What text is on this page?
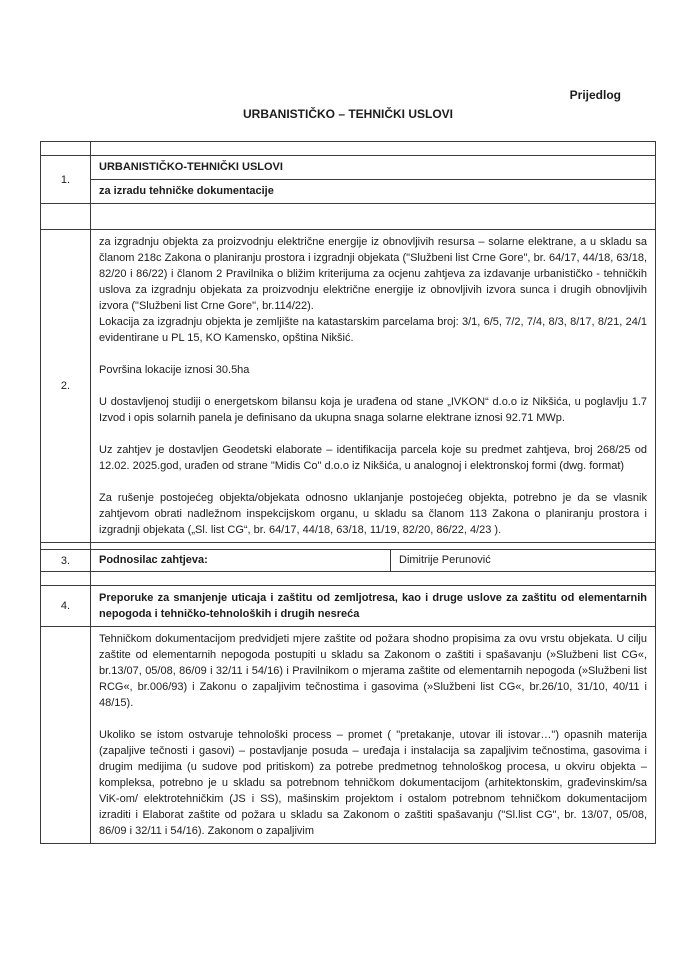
Prijedlog
URBANISTIČKO – TEHNIČKI USLOVI
1.
URBANISTIČKO-TEHNIČKI USLOVI
za izradu tehničke dokumentacije
2.

za izgradnju objekta za proizvodnju električne energije iz obnovljivih resursa – solarne elektrane, a u skladu sa članom 218c Zakona o planiranju prostora i izgradnji objekata ("Službeni list Crne Gore", br. 64/17, 44/18, 63/18, 82/20 i 86/22) i članom 2 Pravilnika o bližim kriterijuma za ocjenu zahtjeva za izdavanje urbanističko - tehničkih uslova za izgradnju objekata za proizvodnju električne energije iz obnovljivih izvora sunca i drugih obnovljivih izvora ("Službeni list Crne Gore", br.114/22).

Lokacija za izgradnju objekta je zemljište na katastarskim parcelama broj: 3/1, 6/5, 7/2, 7/4, 8/3, 8/17, 8/21, 24/1 evidentirane u PL 15, KO Kamensko, opština Nikšić.

Površina lokacije iznosi 30.5ha

U dostavljenoj studiji o energetskom bilansu koja je urađena od stane „IVKON“ d.o.o iz Nikšića, u poglavlju 1.7 Izvod i opis solarnih panela je definisano da ukupna snaga solarne elektrane iznosi 92.71 MWp.

Uz zahtjev je dostavljen Geodetski elaborate – identifikacija parcela koje su predmet zahtjeva, broj 268/25 od 12.02. 2025.god, urađen od strane "Midis Co" d.o.o iz Nikšića, u analognoj i elektronskoj formi (dwg. format)

Za rušenje postojećeg objekta/objekata odnosno uklanjanje postojećeg objekta, potrebno je da se vlasnik zahtjevom obrati nadležnom inspekcijskom organu, u skladu sa članom 113 Zakona o planiranju prostora i izgradnji objekata („Sl. list CG“, br. 64/17, 44/18, 63/18, 11/19, 82/20, 86/22, 4/23 ).

3.	Podnosilac zahtjeva:	Dimitrije Perunović
4.
Preporuke za smanjenje uticaja i zaštitu od zemljotresa, kao i druge uslove za zaštitu od elementarnih nepogoda i tehničko-tehnoloških i drugih nesreća

Tehničkom dokumentacijom predvidjeti mjere zaštite od požara shodno propisima za ovu vrstu objekata. U cilju zaštite od elementarnih nepogoda postupiti u skladu sa Zakonom o zaštiti i spašavanju (»Službeni list CG«, br.13/07, 05/08, 86/09 i 32/11 i 54/16) i Pravilnikom o mjerama zaštite od elementarnih nepogoda (»Službeni list RCG«, br.006/93) i Zakonu o zapaljivim tečnostima i gasovima (»Službeni list CG«, br.26/10, 31/10, 40/11 i 48/15).

Ukoliko se istom ostvaruje tehnološki process – promet ( "pretakanje, utovar ili istovar…") opasnih materija (zapaljive tečnosti i gasovi) – postavljanje posuda – uređaja i instalacija sa zapaljivim tečnostima, gasovima i drugim medijima (u sudove pod pritiskom) za potrebe predmetnog tehnološkog procesa, u okviru objekta – kompleksa, potrebno je u skladu sa potrebnom tehničkom dokumentacijom (arhitektonskim, građevinskim/sa ViK-om/ elektrotehničkim (JS i SS), mašinskim projektom i ostalom potrebnom tehničkom dokumentacijom izraditi i Elaborat zaštite od požara u skladu sa Zakonom o zaštiti spašavanju ("Sl.list CG", br. 13/07, 05/08, 86/09 i 32/11 i 54/16). Zakonom o zapaljivim
